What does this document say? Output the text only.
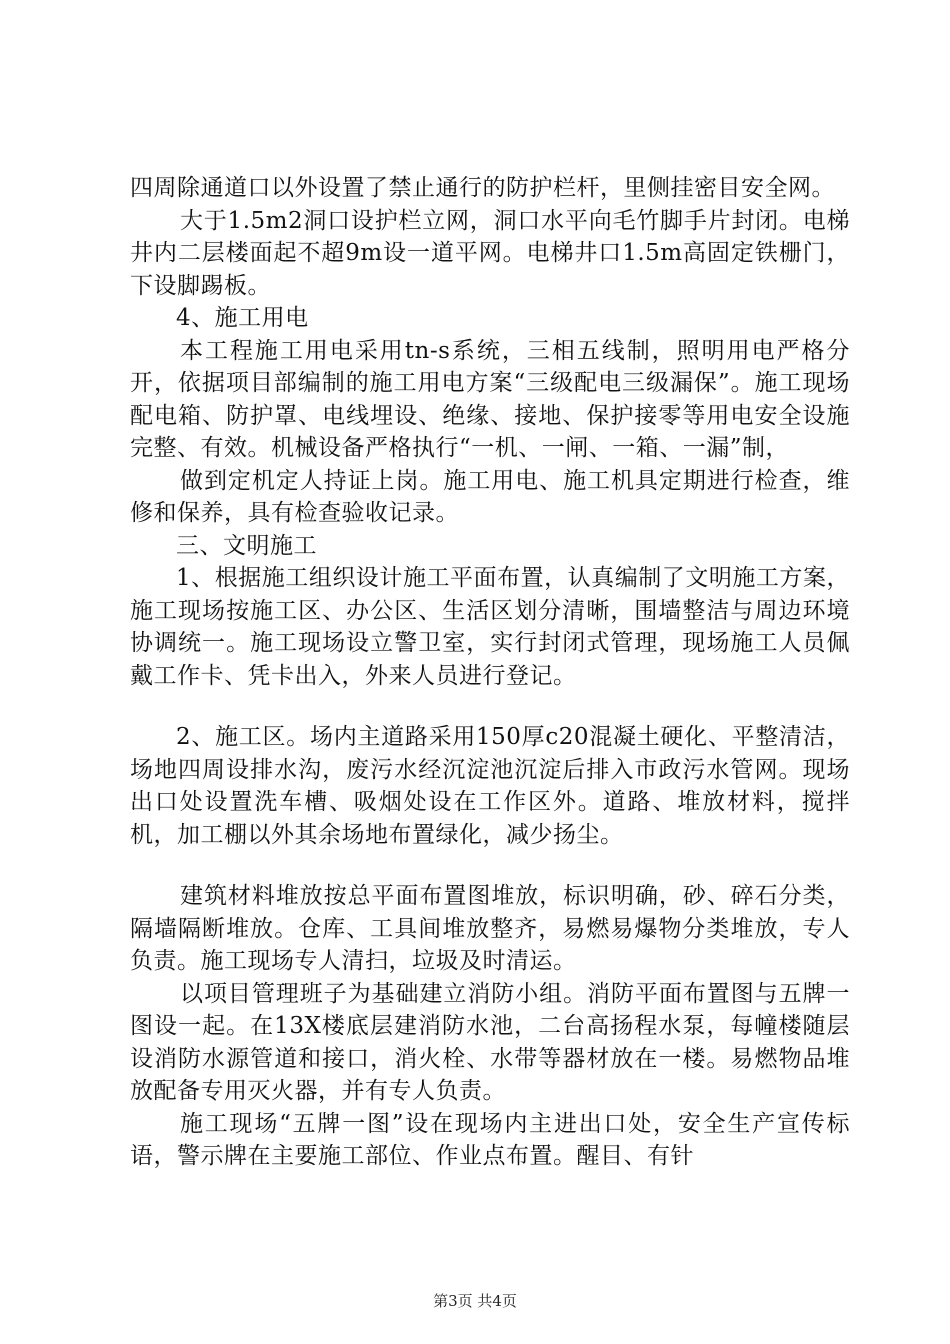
四周除通道口以外设置了禁止通行的防护栏杆，里侧挂密目安全网。

大于1.5m2洞口设护栏立网，洞口水平向毛竹脚手片封闭。电梯井内二层楼面起不超9m设一道平网。电梯井口1.5m高固定铁栅门，下设脚踢板。

4、施工用电

本工程施工用电采用tn-s系统，三相五线制，照明用电严格分开，依据项目部编制的施工用电方案“三级配电三级漏保”。施工现场配电箱、防护罩、电线埋设、绝缘、接地、保护接零等用电安全设施完整、有效。机械设备严格执行“一机、一闸、一箱、一漏”制，

做到定机定人持证上岗。施工用电、施工机具定期进行检查，维修和保养，具有检查验收记录。

三、文明施工

1、根据施工组织设计施工平面布置，认真编制了文明施工方案，施工现场按施工区、办公区、生活区划分清晰，围墙整洁与周边环境协调统一。施工现场设立警卫室，实行封闭式管理，现场施工人员佩戴工作卡、凭卡出入，外来人员进行登记。

2、施工区。场内主道路采用150厚c20混凝土硬化、平整清洁，场地四周设排水沟，废污水经沉淀池沉淀后排入市政污水管网。现场出口处设置洗车槽、吸烟处设在工作区外。道路、堆放材料，搅拌机，加工棚以外其余场地布置绿化，减少扬尘。

建筑材料堆放按总平面布置图堆放，标识明确，砂、碎石分类，隔墙隔断堆放。仓库、工具间堆放整齐，易燃易爆物分类堆放，专人负责。施工现场专人清扫，垃圾及时清运。

以项目管理班子为基础建立消防小组。消防平面布置图与五牌一图设一起。在13X楼底层建消防水池，二台高扬程水泵，每幢楼随层设消防水源管道和接口，消火栓、水带等器材放在一楼。易燃物品堆放配备专用灭火器，并有专人负责。

施工现场“五牌一图”设在现场内主进出口处，安全生产宣传标语，警示牌在主要施工部位、作业点布置。醒目、有针

第3页 共4页
